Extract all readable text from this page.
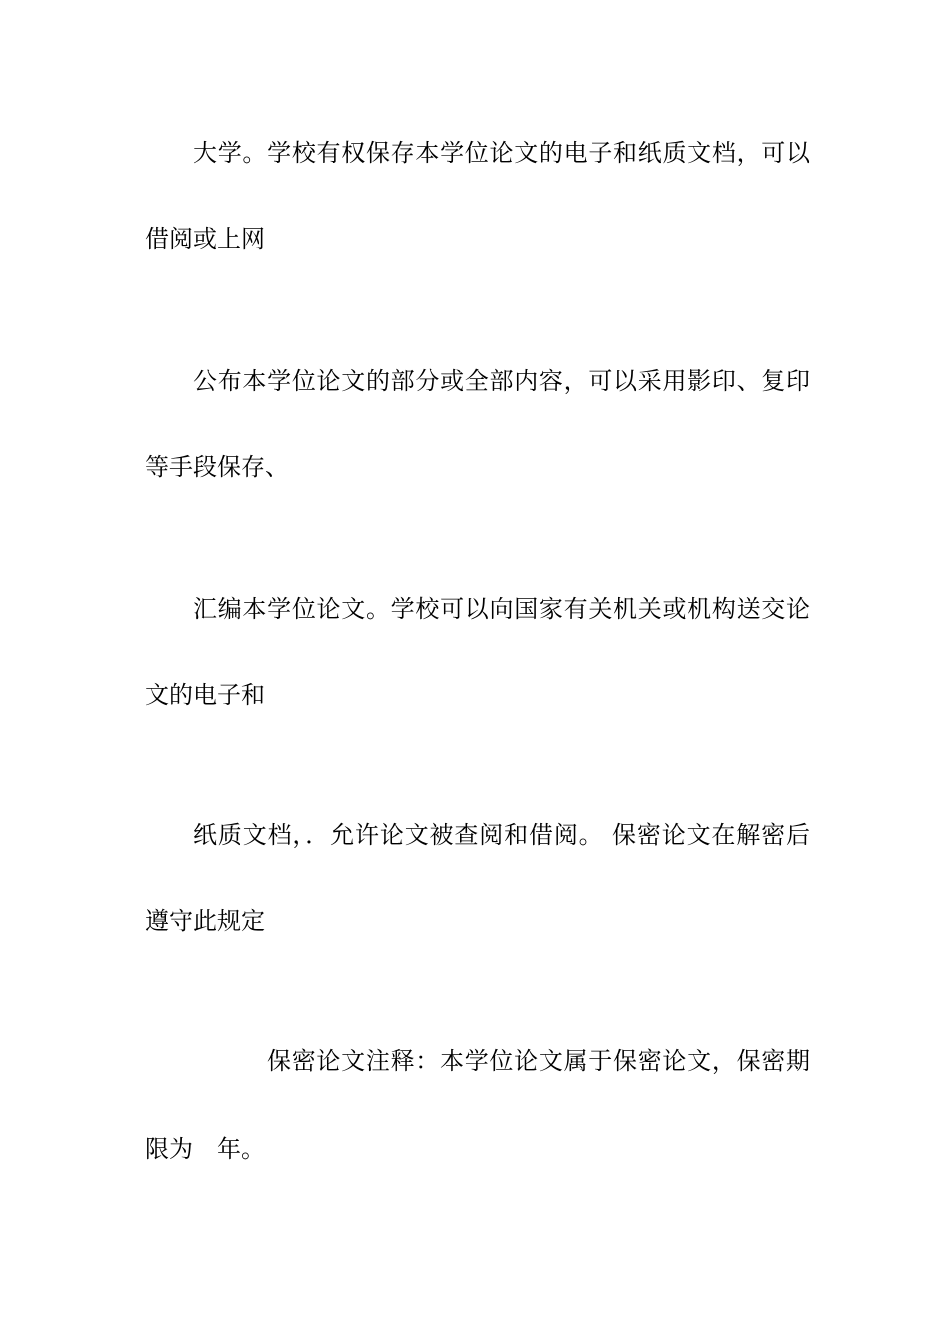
大学。学校有权保存本学位论文的电子和纸质文档，可以
借阅或上网
公布本学位论文的部分或全部内容，可以采用影印、复印
等手段保存、
汇编本学位论文。学校可以向国家有关机关或机构送交论
文的电子和
纸质文档，．允许论文被查阅和借阅。 保密论文在解密后
遵守此规定
保密论文注释：本学位论文属于保密论文，保密期
限为　年。
